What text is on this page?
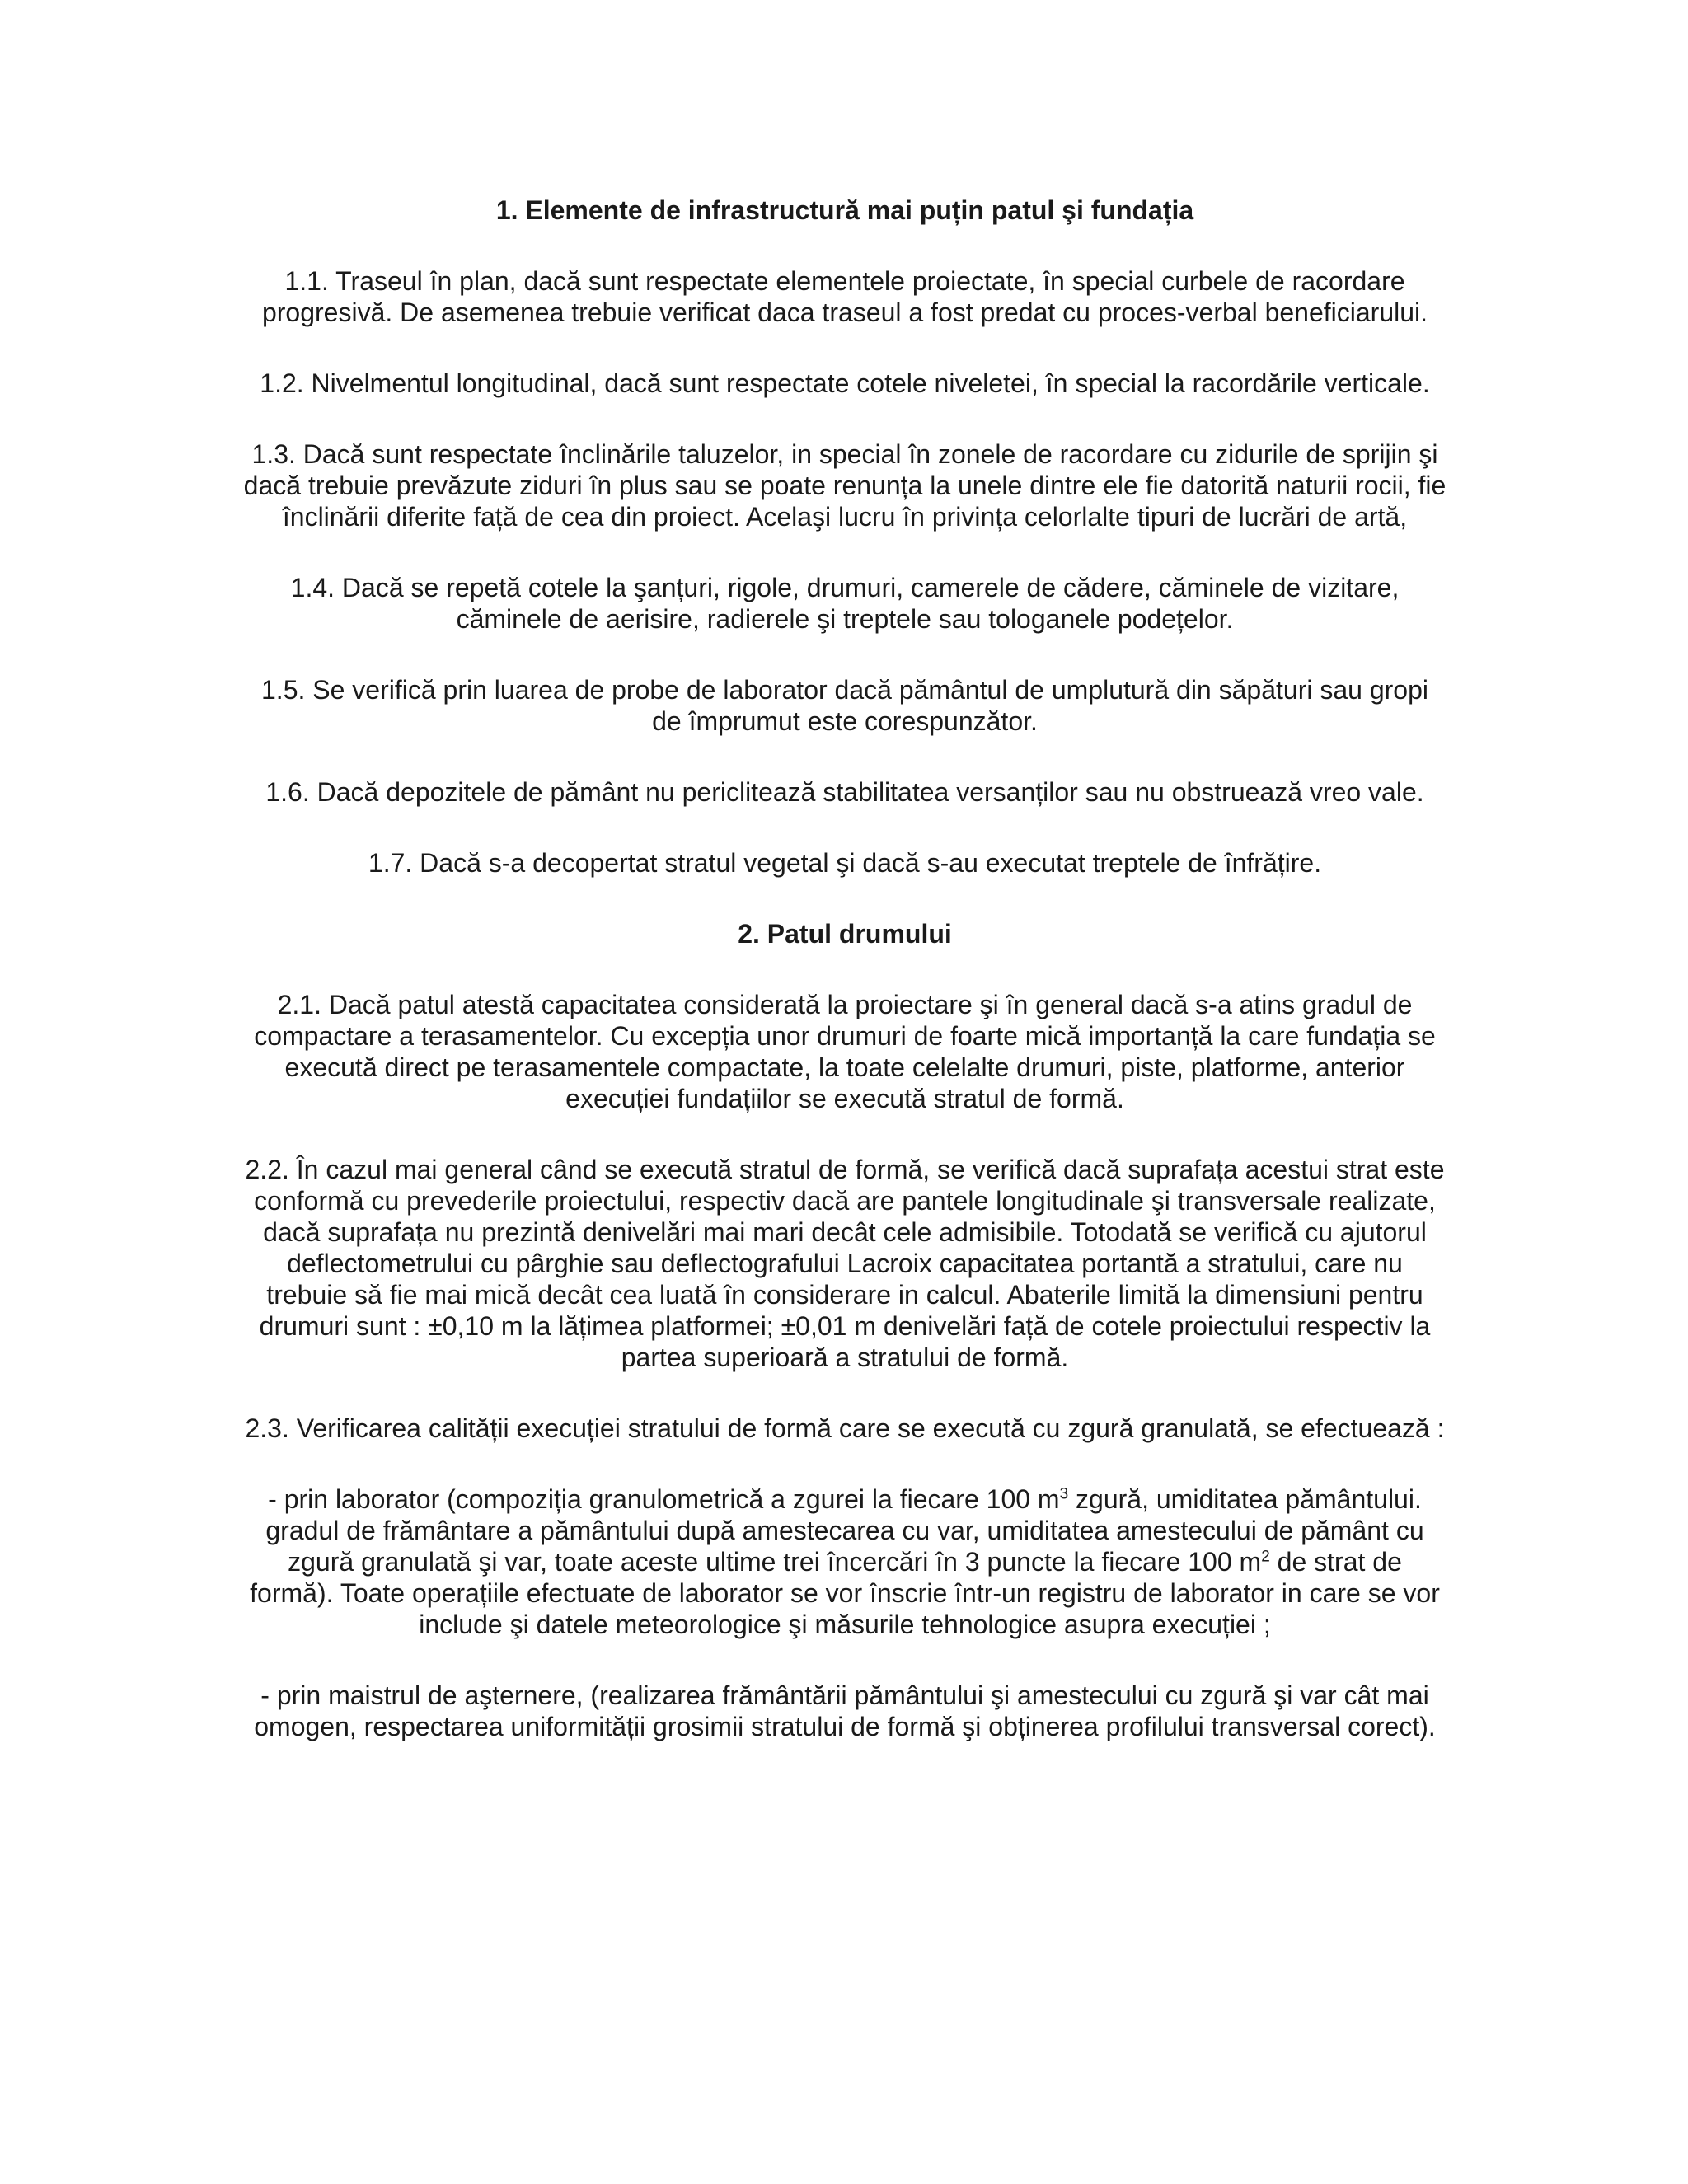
1. Elemente de infrastructură mai puțin patul şi fundația

1.1. Traseul în plan, dacă sunt respectate elementele proiectate, în special curbele de racordare progresivă. De asemenea trebuie verificat daca traseul a fost predat cu proces-verbal beneficiarului.

1.2. Nivelmentul longitudinal, dacă sunt respectate cotele niveletei, în special la racordările verticale.

1.3. Dacă sunt respectate înclinările taluzelor, in special în zonele de racordare cu zidurile de sprijin şi dacă trebuie prevăzute ziduri în plus sau se poate renunța la unele dintre ele fie datorită naturii rocii, fie înclinării diferite față de cea din proiect. Acelaşi lucru în privința celorlalte tipuri de lucrări de artă,

1.4. Dacă se repetă cotele la şanțuri, rigole, drumuri, camerele de cădere, căminele de vizitare, căminele de aerisire, radierele şi treptele sau tologanele podețelor.

1.5. Se verifică prin luarea de probe de laborator dacă pământul de umplutură din săpături sau gropi de împrumut este corespunzător.

1.6. Dacă depozitele de pământ nu periclitează stabilitatea versanților sau nu obstruează vreo vale.

1.7. Dacă s-a decopertat stratul vegetal şi dacă s-au executat treptele de înfrățire.

2. Patul drumului

2.1. Dacă patul atestă capacitatea considerată la proiectare şi în general dacă s-a atins gradul de compactare a terasamentelor. Cu excepția unor drumuri de foarte mică importanță la care fundația se execută direct pe terasamentele compactate, la toate celelalte drumuri, piste, platforme, anterior execuției fundațiilor se execută stratul de formă.

2.2. În cazul mai general când se execută stratul de formă, se verifică dacă suprafața acestui strat este conformă cu prevederile proiectului, respectiv dacă are pantele longitudinale şi transversale realizate, dacă suprafața nu prezintă denivelări mai mari decât cele admisibile. Totodată se verifică cu ajutorul deflectometrului cu pârghie sau deflectografului Lacroix capacitatea portantă a stratului, care nu trebuie să fie mai mică decât cea luată în considerare in calcul. Abaterile limită la dimensiuni pentru drumuri sunt : ±0,10 m la lățimea platformei; ±0,01 m denivelări față de cotele proiectului respectiv la partea superioară a stratului de formă.

2.3. Verificarea calității execuției stratului de formă care se execută cu zgură granulată, se efectuează :

- prin laborator (compoziția granulometrică a zgurei la fiecare 100 $m^3$ zgură, umiditatea pământului. gradul de frământare a pământului după amestecarea cu var, umiditatea amestecului de pământ cu zgură granulată şi var, toate aceste ultime trei încercări în 3 puncte la fiecare 100 $m^2$ de strat de formă). Toate operațiile efectuate de laborator se vor înscrie într-un registru de laborator in care se vor include şi datele meteorologice şi măsurile tehnologice asupra execuției ;

- prin maistrul de aşternere, (realizarea frământării pământului şi amestecului cu zgură şi var cât mai omogen, respectarea uniformității grosimii stratului de formă şi obținerea profilului transversal corect).
